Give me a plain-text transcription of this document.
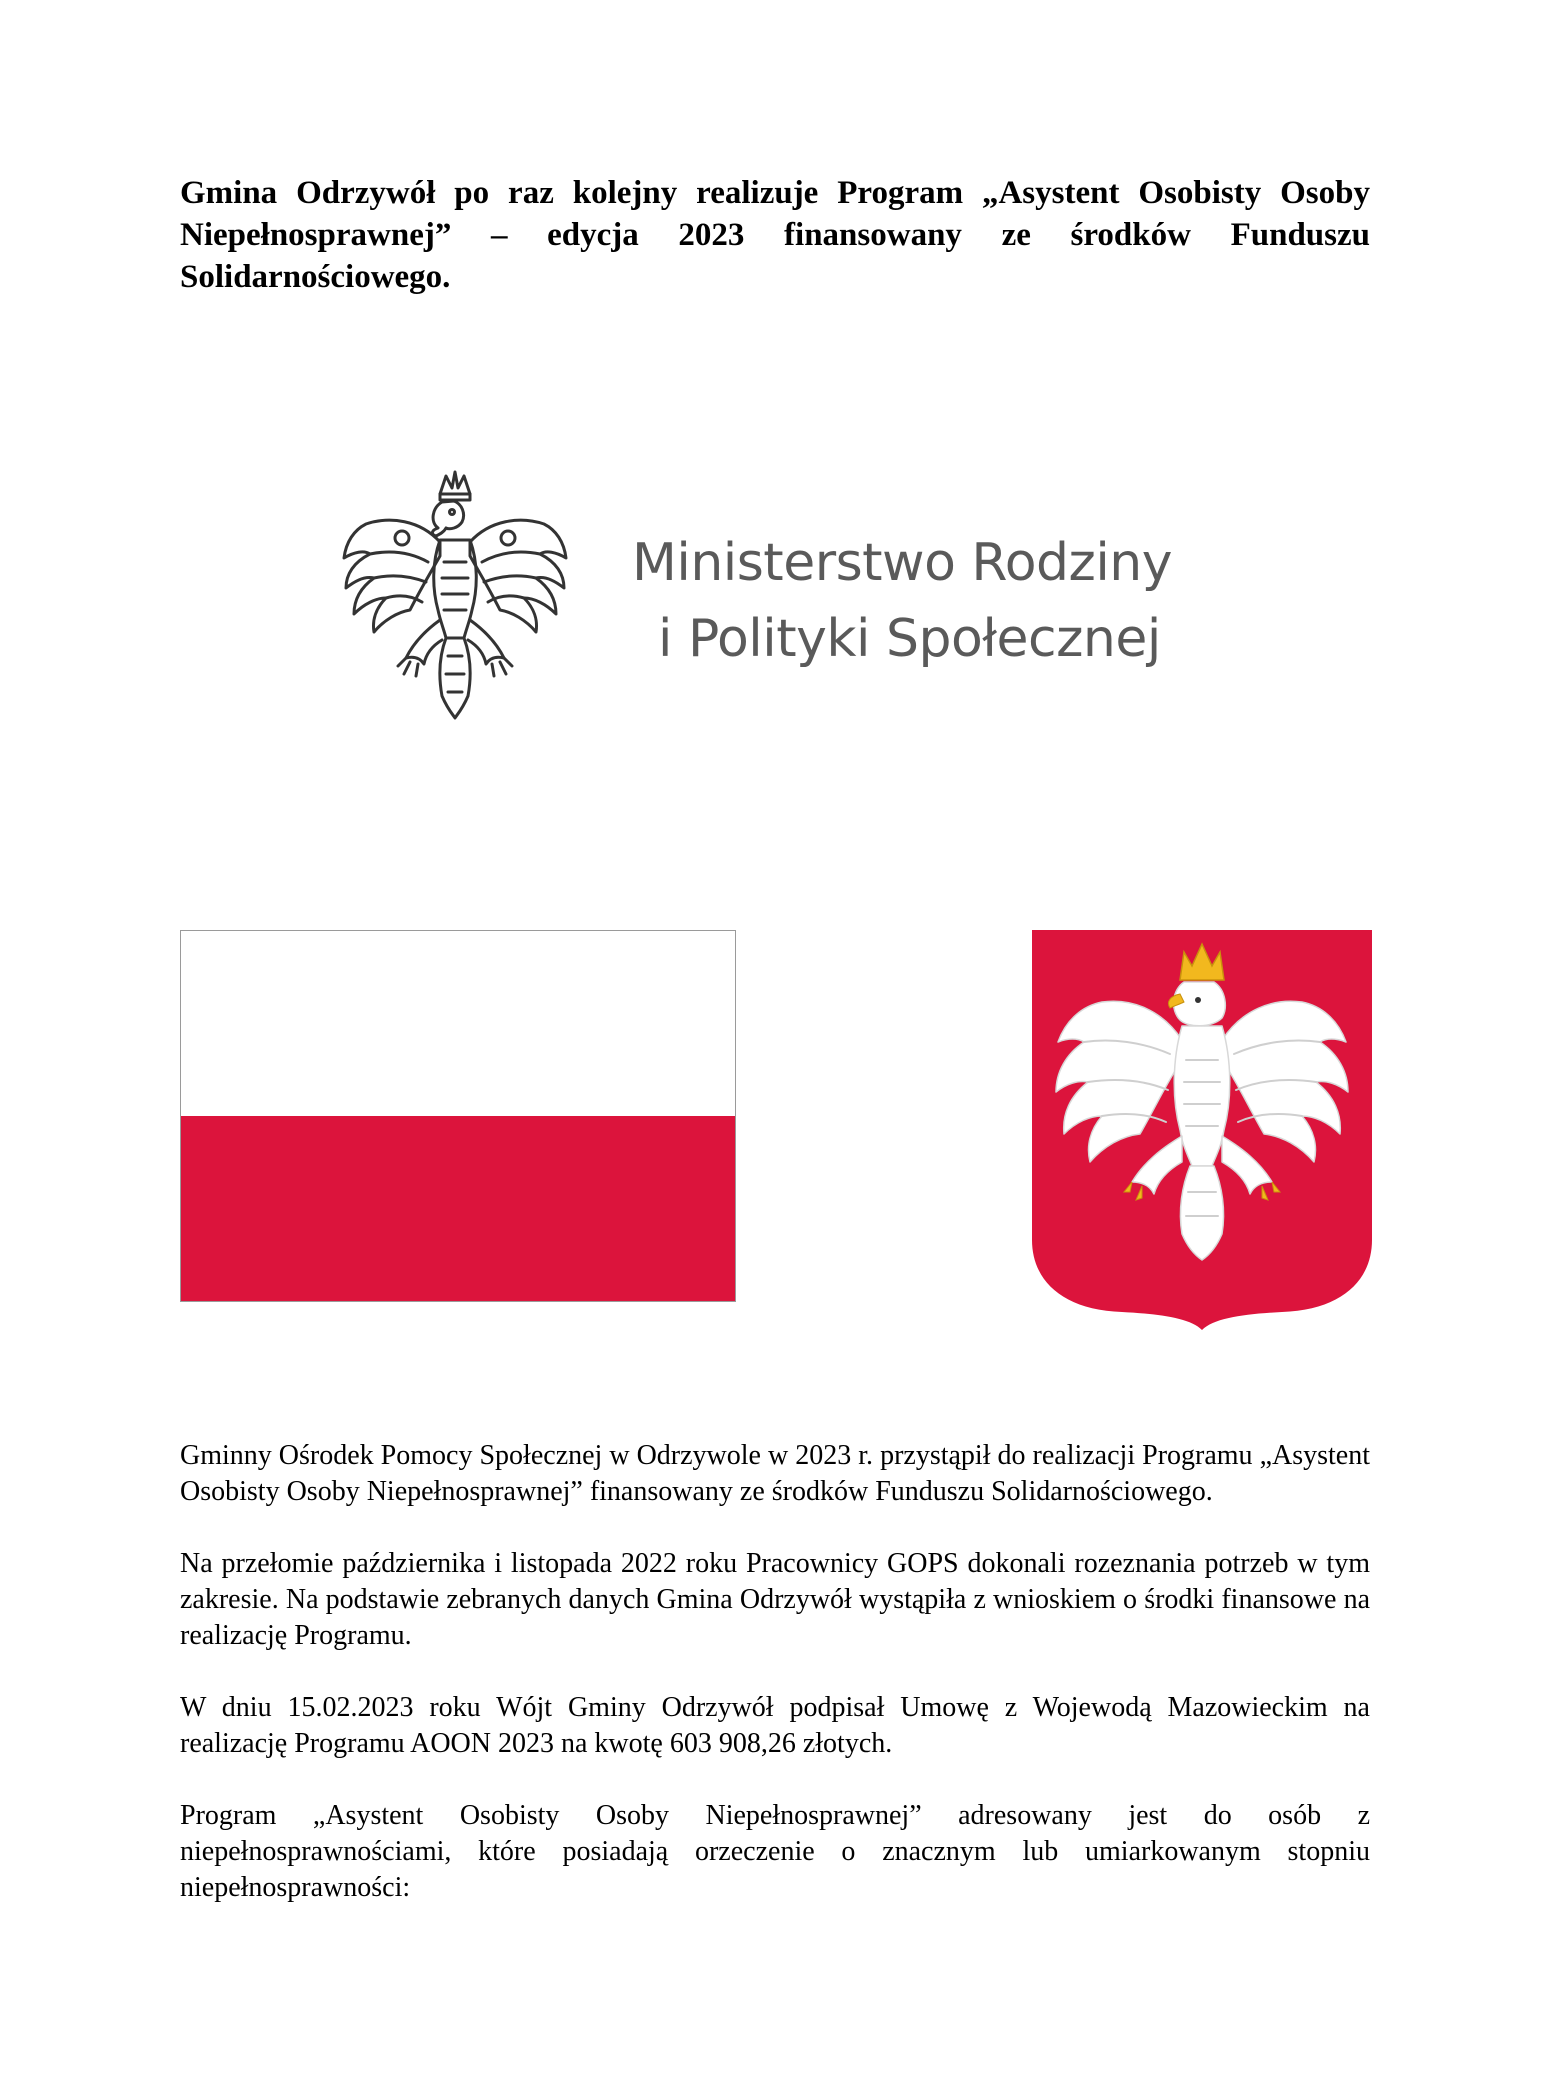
Gmina Odrzywół po raz kolejny realizuje Program „Asystent Osobisty Osoby Niepełnosprawnej” – edycja 2023 finansowany ze środków Funduszu Solidarnościowego.
Ministerstwo Rodziny
i Polityki Społecznej

Gminny Ośrodek Pomocy Społecznej w Odrzywole w 2023 r. przystąpił do realizacji Programu „Asystent Osobisty Osoby Niepełnosprawnej” finansowany ze środków Funduszu Solidarnościowego.

Na przełomie października i listopada 2022 roku Pracownicy GOPS dokonali rozeznania potrzeb w tym zakresie. Na podstawie zebranych danych Gmina Odrzywół wystąpiła z wnioskiem o środki finansowe na realizację Programu.

W dniu 15.02.2023 roku Wójt Gminy Odrzywół podpisał Umowę z Wojewodą Mazowieckim na realizację Programu AOON 2023 na kwotę 603 908,26 złotych.

Program „Asystent Osobisty Osoby Niepełnosprawnej” adresowany jest do osób z niepełnosprawnościami, które posiadają orzeczenie o znacznym lub umiarkowanym stopniu niepełnosprawności:
